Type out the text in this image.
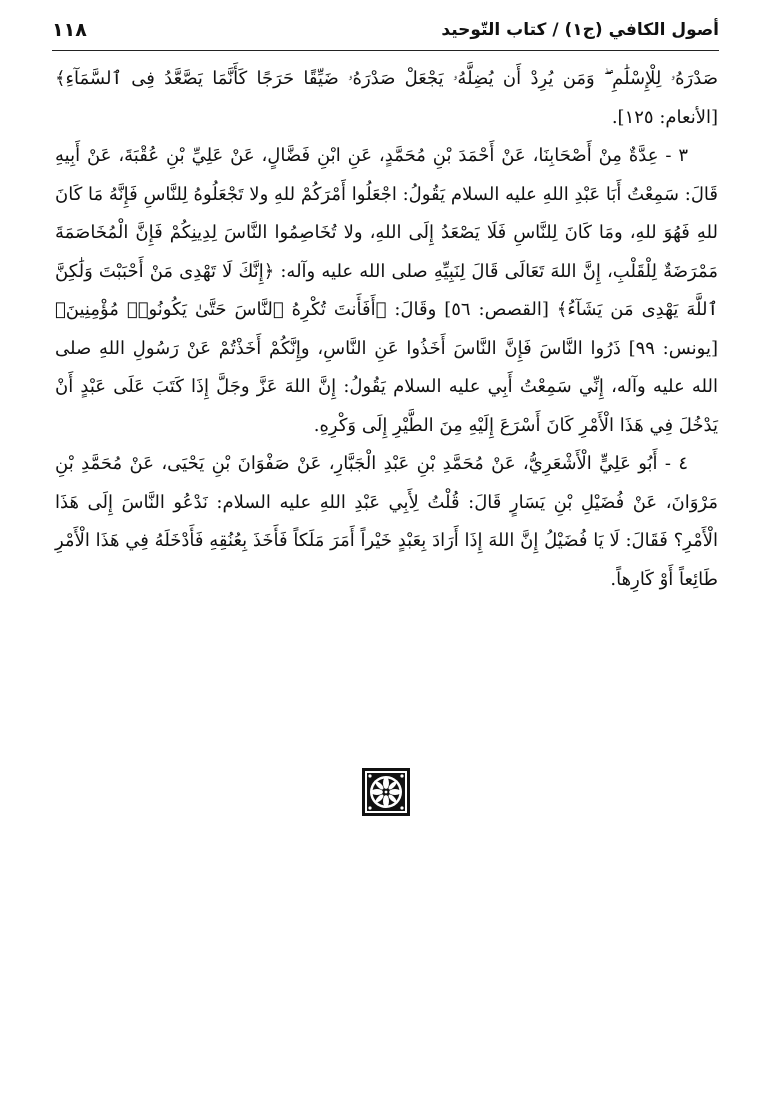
١١٨	أصول الكافي (ج١) / كتاب التّوحيد

صَدْرَهُۥ لِلْإِسْلَٰمِ ۖ وَمَن يُرِدْ أَن يُضِلَّهُۥ يَجْعَلْ صَدْرَهُۥ ضَيِّقًا حَرَجًا كَأَنَّمَا يَصَّعَّدُ فِى ٱلسَّمَآءِ﴾ [الأنعام: ١٢٥].

٣ - عِدَّةٌ مِنْ أَصْحَابِنَا، عَنْ أَحْمَدَ بْنِ مُحَمَّدٍ، عَنِ ابْنِ فَضَّالٍ، عَنْ عَلِيِّ بْنِ عُقْبَةَ، عَنْ أَبِيهِ قَالَ: سَمِعْتُ أَبَا عَبْدِ اللهِ عليه السلام يَقُولُ: اجْعَلُوا أَمْرَكُمْ للهِ ولا تَجْعَلُوهُ لِلنَّاسِ فَإِنَّهُ مَا كَانَ للهِ فَهُوَ للهِ، ومَا كَانَ لِلنَّاسِ فَلَا يَصْعَدُ إِلَى اللهِ، ولا تُخَاصِمُوا النَّاسَ لِدِينِكُمْ فَإِنَّ الْمُخَاصَمَةَ مَمْرَضَةٌ لِلْقَلْبِ، إِنَّ اللهَ تَعَالَى قَالَ لِنَبِيِّهِ صلى الله عليه وآله: ﴿إِنَّكَ لَا تَهْدِى مَنْ أَحْبَبْتَ وَلَٰكِنَّ ٱللَّهَ يَهْدِى مَن يَشَآءُ﴾ [القصص: ٥٦] وقَالَ: ﴿أَفَأَنتَ تُكْرِهُ ٱلنَّاسَ حَتَّىٰ يَكُونُوا۟ مُؤْمِنِينَ﴾ [يونس: ٩٩] ذَرُوا النَّاسَ فَإِنَّ النَّاسَ أَخَذُوا عَنِ النَّاسِ، وإِنَّكُمْ أَخَذْتُمْ عَنْ رَسُولِ اللهِ صلى الله عليه وآله، إِنِّي سَمِعْتُ أَبِي عليه السلام يَقُولُ: إِنَّ اللهَ عَزَّ وجَلَّ إِذَا كَتَبَ عَلَى عَبْدٍ أَنْ يَدْخُلَ فِي هَذَا الْأَمْرِ كَانَ أَسْرَعَ إِلَيْهِ مِنَ الطَّيْرِ إِلَى وَكْرِهِ.

٤ - أَبُو عَلِيٍّ الْأَشْعَرِيُّ، عَنْ مُحَمَّدِ بْنِ عَبْدِ الْجَبَّارِ، عَنْ صَفْوَانَ بْنِ يَحْيَى، عَنْ مُحَمَّدِ بْنِ مَرْوَانَ، عَنْ فُضَيْلِ بْنِ يَسَارٍ قَالَ: قُلْتُ لِأَبِي عَبْدِ اللهِ عليه السلام: نَدْعُو النَّاسَ إِلَى هَذَا الْأَمْرِ؟ فَقَالَ: لَا يَا فُضَيْلُ إِنَّ اللهَ إِذَا أَرَادَ بِعَبْدٍ خَيْراً أَمَرَ مَلَكاً فَأَخَذَ بِعُنُقِهِ فَأَدْخَلَهُ فِي هَذَا الْأَمْرِ طَائِعاً أَوْ كَارِهاً.
